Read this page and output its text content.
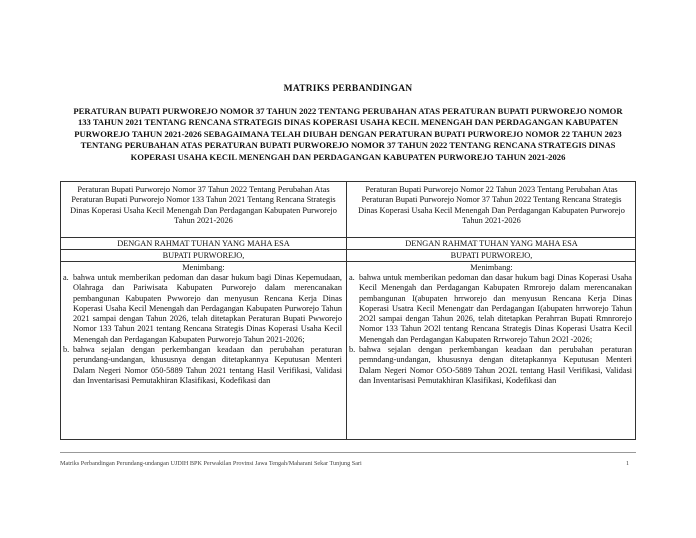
MATRIKS PERBANDINGAN
PERATURAN BUPATI PURWOREJO NOMOR 37 TAHUN 2022 TENTANG PERUBAHAN ATAS PERATURAN BUPATI PURWOREJO NOMOR 133 TAHUN 2021 TENTANG RENCANA STRATEGIS DINAS KOPERASI USAHA KECIL MENENGAH DAN PERDAGANGAN KABUPATEN PURWOREJO TAHUN 2021-2026 SEBAGAIMANA TELAH DIUBAH DENGAN PERATURAN BUPATI PURWOREJO NOMOR 22 TAHUN 2023 TENTANG PERUBAHAN ATAS PERATURAN BUPATI PURWOREJO NOMOR 37 TAHUN 2022 TENTANG RENCANA STRATEGIS DINAS KOPERASI USAHA KECIL MENENGAH DAN PERDAGANGAN KABUPATEN PURWOREJO TAHUN 2021-2026
Peraturan Bupati Purworejo Nomor 37 Tahun 2022 Tentang Perubahan Atas Peraturan Bupati Purworejo Nomor 133 Tahun 2021 Tentang Rencana Strategis Dinas Koperasi Usaha Kecil Menengah Dan Perdagangan Kabupaten Purworejo Tahun 2021-2026
DENGAN RAHMAT TUHAN YANG MAHA ESA
BUPATI PURWOREJO,
Menimbang:
a. bahwa untuk memberikan pedoman dan dasar hukum bagi Dinas Kepemudaan, Olahraga dan Pariwisata Kabupaten Purworejo dalam merencanakan pembangunan Kabupaten Pwworejo dan menyusun Rencana Kerja Dinas Koperasi Usaha Kecil Menengah dan Perdagangan Kabupaten Purworejo Tahun 2021 sampai dengan Tahun 2026, telah ditetapkan Peraturan Bupati Pwworejo Nomor 133 Tahun 2021 tentang Rencana Strategis Dinas Koperasi Usaha Kecil Menengah dan Perdagangan Kabupaten Purworejo Tahun 2021-2026;
b. bahwa sejalan dengan perkembangan keadaan dan perubahan peraturan perundang-undangan, khususnya dengan ditetapkannya Keputusan Menteri Dalam Negeri Nomor 050-5889 Tahun 2021 tentang Hasil Verifikasi, Validasi dan Inventarisasi Pemutakhiran Klasifikasi, Kodefikasi dan
Peraturan Bupati Purworejo Nomor 22 Tahun 2023 Tentang Perubahan Atas Peraturan Bupati Purworejo Nomor 37 Tahun 2022 Tentang Rencana Strategis Dinas Koperasi Usaha Kecil Menengah Dan Perdagangan Kabupaten Purworejo Tahun 2021-2026
DENGAN RAHMAT TUHAN YANG MAHA ESA
BUPATI PURWOREJO,
Menimbang:
a. bahwa untuk memberikan pedoman dan dasar hukum bagi Dinas Koperasi Usaha Kecil Menengah dan Perdagangan Kabupaten Rmrorejo dalam merencanakan pembangunan I(abupaten hrrworejo dan menyusun Rencana Kerja Dinas Koperasi Usatra Kecil Menengatr dan Perdagangan I(abupaten hrrworejo Tahun 2O2l sampai dengan Tahun 2026, telah ditetapkan Perahrran Bupati Rmnrorejo Nomor 133 Tahun 2O2l tentang Rencana Strategis Dinas Koperasi Usatra Kecil Menengah dan Perdagangan Kabupaten Rrrworejo Tahun 2O2l -2026;
b. bahwa sejalan dengan perkembangan keadaan dan perubahan peraturan pemndang-undangan, khususnya dengan ditetapkannya Keputusan Menteri Dalam Negeri Nomor O5O-5889 Tahun 2O2L tentang Hasil Verifikasi, Validasi dan Inventarisasi Pemutakhiran Klasifikasi, Kodefikasi dan
Matriks Perbandingan Perundang-undangan UJDIH BPK Perwakilan Provinsi Jawa Tengah/Maharani Sekar Tunjung Sari	1
